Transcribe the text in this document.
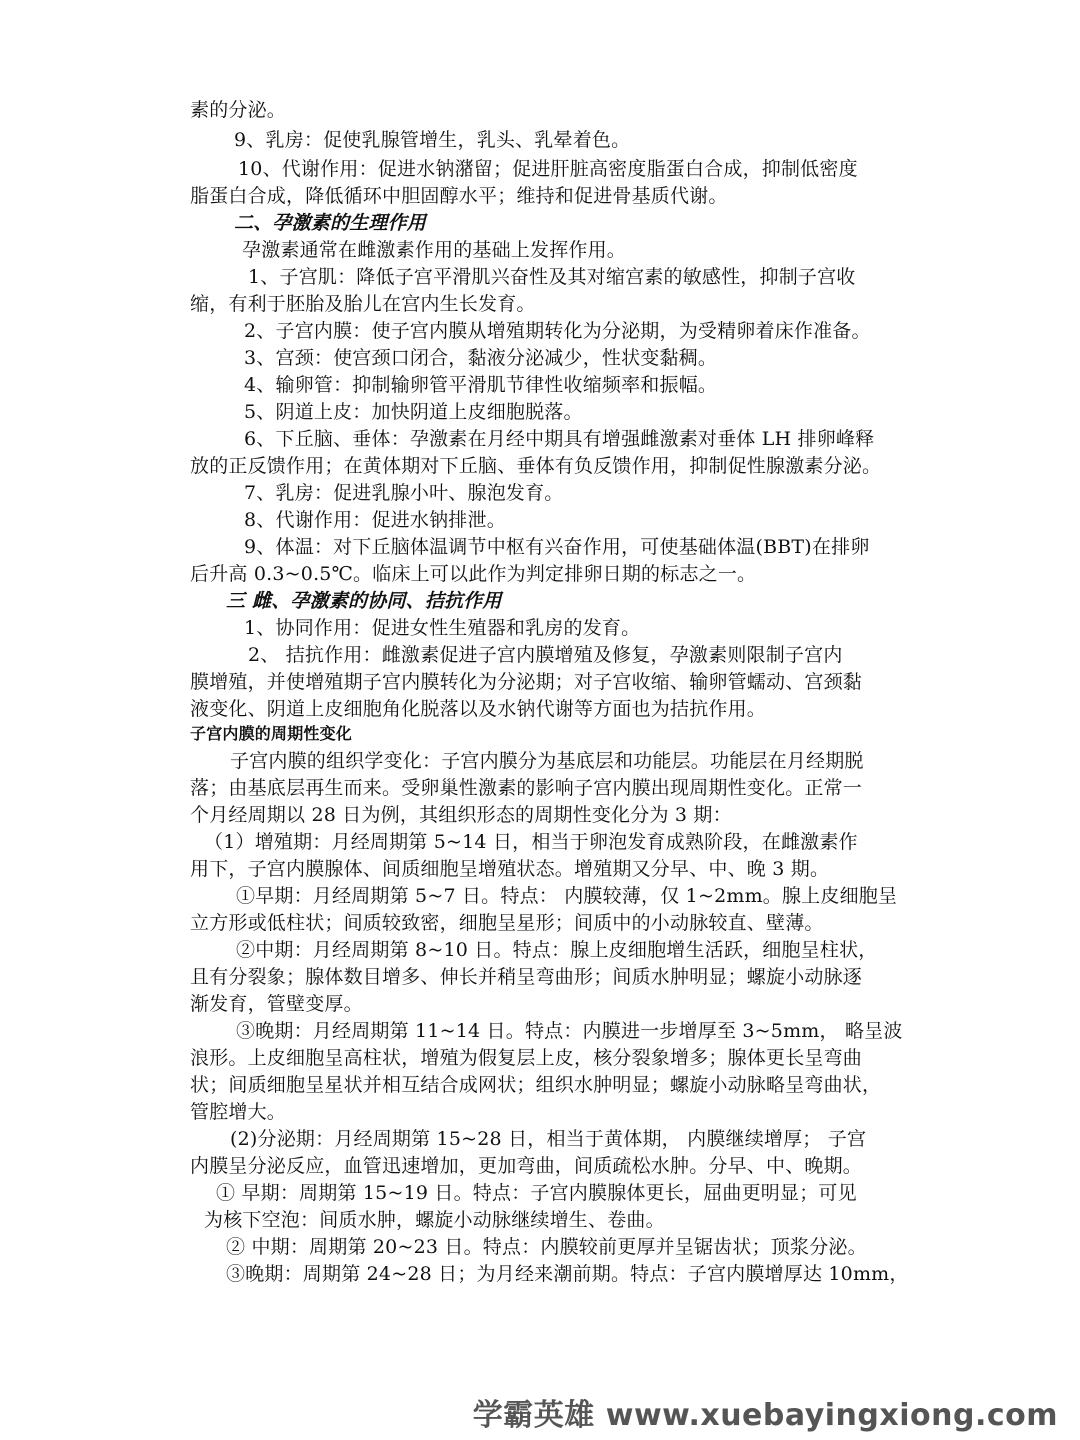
素的分泌。
9、乳房：促使乳腺管增生，乳头、乳晕着色。
10、代谢作用：促进水钠潴留；促进肝脏高密度脂蛋白合成，抑制低密度
脂蛋白合成，降低循环中胆固醇水平；维持和促进骨基质代谢。
二、孕激素的生理作用
孕激素通常在雌激素作用的基础上发挥作用。
1、子宫肌：降低子宫平滑肌兴奋性及其对缩宫素的敏感性，抑制子宫收
缩，有利于胚胎及胎儿在宫内生长发育。
2、子宫内膜：使子宫内膜从增殖期转化为分泌期，为受精卵着床作准备。
3、宫颈：使宫颈口闭合，黏液分泌减少，性状变黏稠。
4、输卵管：抑制输卵管平滑肌节律性收缩频率和振幅。
5、阴道上皮：加快阴道上皮细胞脱落。
6、下丘脑、垂体：孕激素在月经中期具有增强雌激素对垂体 LH 排卵峰释
放的正反馈作用；在黄体期对下丘脑、垂体有负反馈作用，抑制促性腺激素分泌。
7、乳房：促进乳腺小叶、腺泡发育。
8、代谢作用：促进水钠排泄。
9、体温：对下丘脑体温调节中枢有兴奋作用，可使基础体温(BBT)在排卵
后升高 0.3~0.5℃。临床上可以此作为判定排卵日期的标志之一。
三 雌、孕激素的协同、拮抗作用
1、协同作用：促进女性生殖器和乳房的发育。
2、 拮抗作用：雌激素促进子宫内膜增殖及修复，孕激素则限制子宫内
膜增殖，并使增殖期子宫内膜转化为分泌期；对子宫收缩、输卵管蠕动、宫颈黏
液变化、阴道上皮细胞角化脱落以及水钠代谢等方面也为拮抗作用。
子宫内膜的周期性变化
子宫内膜的组织学变化：子宫内膜分为基底层和功能层。功能层在月经期脱
落；由基底层再生而来。受卵巢性激素的影响子宫内膜出现周期性变化。正常一
个月经周期以 28 日为例，其组织形态的周期性变化分为 3 期：
（1）增殖期：月经周期第 5~14 日，相当于卵泡发育成熟阶段，在雌激素作
用下，子宫内膜腺体、间质细胞呈增殖状态。增殖期又分早、中、晚 3 期。
①早期：月经周期第 5~7 日。特点： 内膜较薄，仅 1~2mm。腺上皮细胞呈
立方形或低柱状；间质较致密，细胞呈星形；间质中的小动脉较直、壁薄。
②中期：月经周期第 8~10 日。特点：腺上皮细胞增生活跃，细胞呈柱状，
且有分裂象；腺体数目增多、伸长并稍呈弯曲形；间质水肿明显；螺旋小动脉逐
渐发育，管壁变厚。
③晚期：月经周期第 11~14 日。特点：内膜进一步增厚至 3~5mm， 略呈波
浪形。上皮细胞呈高柱状，增殖为假复层上皮，核分裂象增多；腺体更长呈弯曲
状；间质细胞呈星状并相互结合成网状；组织水肿明显；螺旋小动脉略呈弯曲状，
管腔增大。
(2)分泌期：月经周期第 15~28 日，相当于黄体期， 内膜继续增厚； 子宫
内膜呈分泌反应，血管迅速增加，更加弯曲，间质疏松水肿。分早、中、晚期。
① 早期：周期第 15~19 日。特点：子宫内膜腺体更长，屈曲更明显；可见
为核下空泡：间质水肿，螺旋小动脉继续增生、卷曲。
② 中期：周期第 20~23 日。特点：内膜较前更厚并呈锯齿状；顶浆分泌。
③晚期：周期第 24~28 日；为月经来潮前期。特点：子宫内膜增厚达 10mm，
学霸英雄 www.xuebayingxiong.com
